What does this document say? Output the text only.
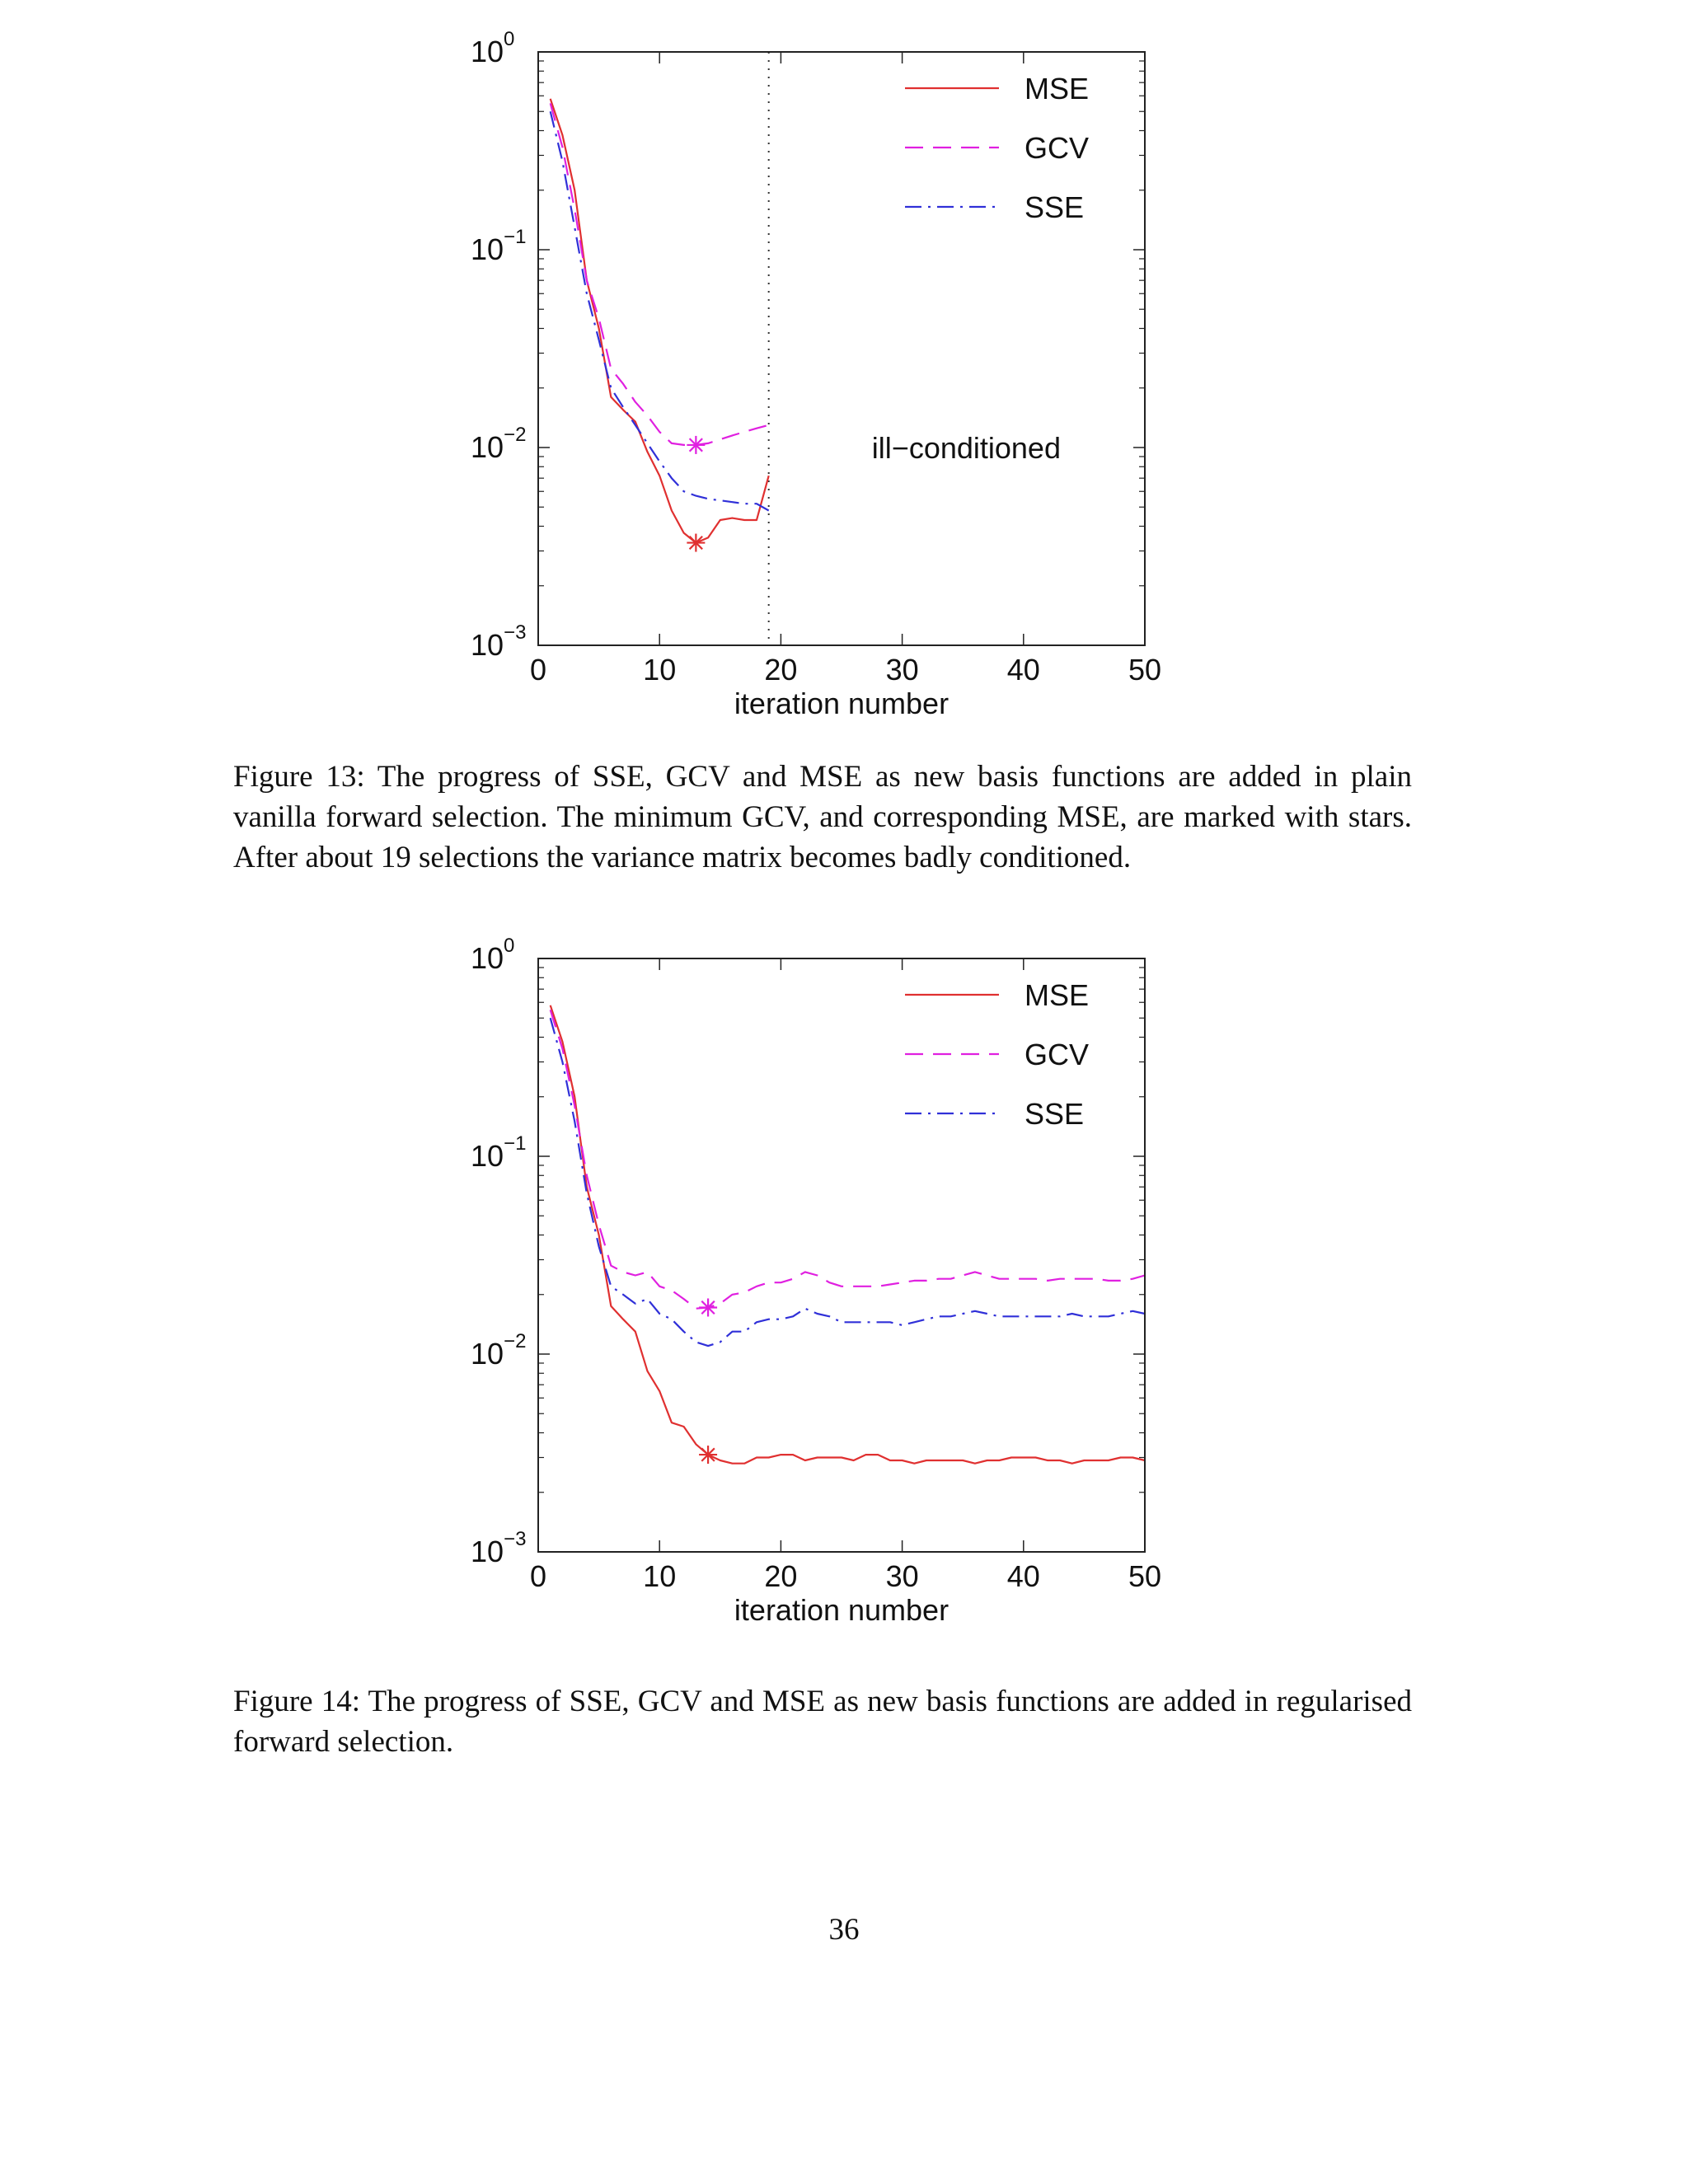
$10^{-3}$
$10^{-2}$
$10^{-1}$
$10^0$
0	10	20	30	40	50
iteration number
ill−conditioned
MSE
GCV
SSE

Figure 13: The progress of SSE, GCV and MSE as new basis functions are added in plain vanilla forward selection. The minimum GCV, and corresponding MSE, are marked with stars. After about 19 selections the variance matrix becomes badly conditioned.

$10^{-3}$
$10^{-2}$
$10^{-1}$
$10^0$
0	10	20	30	40	50
iteration number
MSE
GCV
SSE

Figure 14: The progress of SSE, GCV and MSE as new basis functions are added in regularised forward selection.

36
